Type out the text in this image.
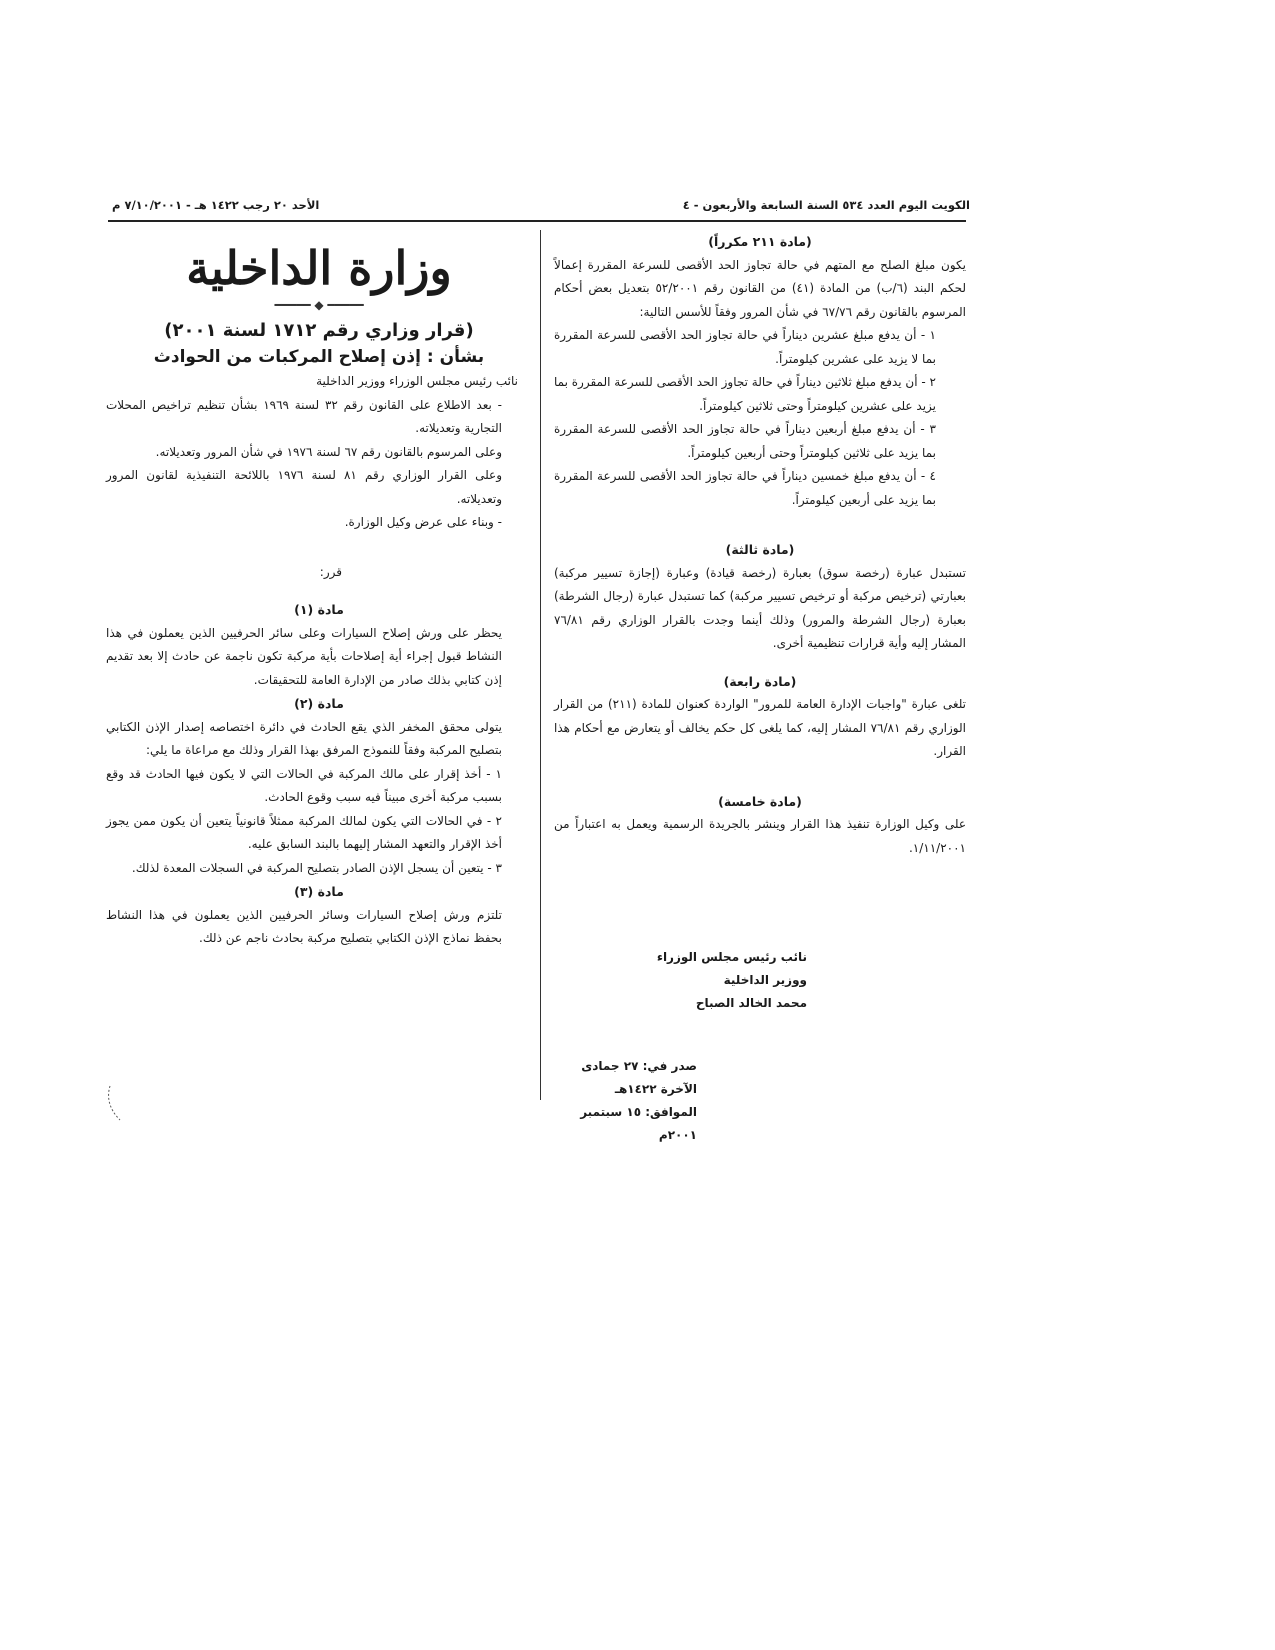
الكويت اليوم العدد ٥٣٤ السنة السابعة والأربعون - ٤
الأحد ٢٠ رجب ١٤٢٢ هـ - ٧/١٠/٢٠٠١ م

(مادة ٢١١ مكرراً)

يكون مبلغ الصلح مع المتهم في حالة تجاوز الحد الأقصى للسرعة المقررة إعمالاً لحكم البند (٦/ب) من المادة (٤١) من القانون رقم ٥٢/٢٠٠١ بتعديل بعض أحكام المرسوم بالقانون رقم ٦٧/٧٦ في شأن المرور وفقاً للأسس التالية:

١ - أن يدفع مبلغ عشرين ديناراً في حالة تجاوز الحد الأقصى للسرعة المقررة بما لا يزيد على عشرين كيلومتراً.

٢ - أن يدفع مبلغ ثلاثين ديناراً في حالة تجاوز الحد الأقصى للسرعة المقررة بما يزيد على عشرين كيلومتراً وحتى ثلاثين كيلومتراً.

٣ - أن يدفع مبلغ أربعين ديناراً في حالة تجاوز الحد الأقصى للسرعة المقررة بما يزيد على ثلاثين كيلومتراً وحتى أربعين كيلومتراً.

٤ - أن يدفع مبلغ خمسين ديناراً في حالة تجاوز الحد الأقصى للسرعة المقررة بما يزيد على أربعين كيلومتراً.

(مادة ثالثة)

تستبدل عبارة (رخصة سوق) بعبارة (رخصة قيادة) وعبارة (إجازة تسيير مركبة) بعبارتي (ترخيص مركبة أو ترخيص تسيير مركبة) كما تستبدل عبارة (رجال الشرطة) بعبارة (رجال الشرطة والمرور) وذلك أينما وجدت بالقرار الوزاري رقم ٧٦/٨١ المشار إليه وأية قرارات تنظيمية أخرى.

(مادة رابعة)

تلغى عبارة "واجبات الإدارة العامة للمرور" الواردة كعنوان للمادة (٢١١) من القرار الوزاري رقم ٧٦/٨١ المشار إليه، كما يلغى كل حكم يخالف أو يتعارض مع أحكام هذا القرار.

(مادة خامسة)

على وكيل الوزارة تنفيذ هذا القرار وينشر بالجريدة الرسمية ويعمل به اعتباراً من ١/١١/٢٠٠١.

نائب رئيس مجلس الوزراء
ووزير الداخلية
محمد الخالد الصباح
صدر في: ٢٧ جمادى الآخرة ١٤٢٢هـ
الموافق: ١٥ سبتمبر ٢٠٠١م
وزارة الداخلية
━━━━━ ◆ ━━━━━

(قرار وزاري رقم ١٧١٢ لسنة ٢٠٠١)

بشأن : إذن إصلاح المركبات من الحوادث

نائب رئيس مجلس الوزراء ووزير الداخلية

- بعد الاطلاع على القانون رقم ٣٢ لسنة ١٩٦٩ بشأن تنظيم تراخيص المحلات التجارية وتعديلاته.

وعلى المرسوم بالقانون رقم ٦٧ لسنة ١٩٧٦ في شأن المرور وتعديلاته.

وعلى القرار الوزاري رقم ٨١ لسنة ١٩٧٦ باللائحة التنفيذية لقانون المرور وتعديلاته.

- وبناء على عرض وكيل الوزارة.

قرر:

مادة (١)

يحظر على ورش إصلاح السيارات وعلى سائر الحرفيين الذين يعملون في هذا النشاط قبول إجراء أية إصلاحات بأية مركبة تكون ناجمة عن حادث إلا بعد تقديم إذن كتابي بذلك صادر من الإدارة العامة للتحقيقات.

مادة (٢)

يتولى محقق المخفر الذي يقع الحادث في دائرة اختصاصه إصدار الإذن الكتابي بتصليح المركبة وفقاً للنموذج المرفق بهذا القرار وذلك مع مراعاة ما يلي:

١ - أخذ إقرار على مالك المركبة في الحالات التي لا يكون فيها الحادث قد وقع بسبب مركبة أخرى مبيناً فيه سبب وقوع الحادث.

٢ - في الحالات التي يكون لمالك المركبة ممثلاً قانونياً يتعين أن يكون ممن يجوز أخذ الإقرار والتعهد المشار إليهما بالبند السابق عليه.

٣ - يتعين أن يسجل الإذن الصادر بتصليح المركبة في السجلات المعدة لذلك.

مادة (٣)

تلتزم ورش إصلاح السيارات وسائر الحرفيين الذين يعملون في هذا النشاط بحفظ نماذج الإذن الكتابي بتصليح مركبة بحادث ناجم عن ذلك.
